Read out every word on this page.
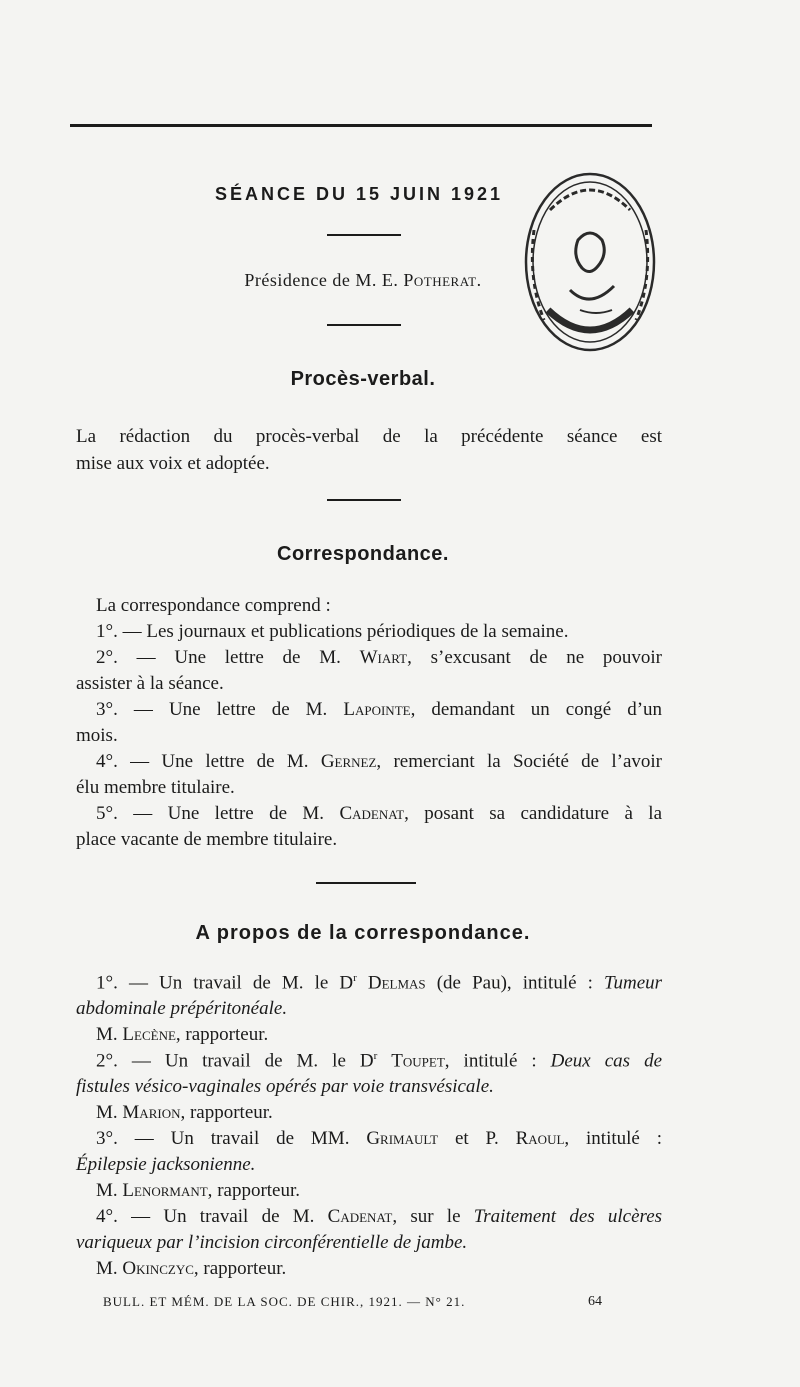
SÉANCE DU 15 JUIN 1921
Présidence de M. E. Potherat.
Procès-verbal.
La rédaction du procès-verbal de la précédente séance est
mise aux voix et adoptée.
Correspondance.
La correspondance comprend :
1°. — Les journaux et publications périodiques de la semaine.
2°. — Une lettre de M. Wiart, s’excusant de ne pouvoir
assister à la séance.
3°. — Une lettre de M. Lapointe, demandant un congé d’un
mois.
4°. — Une lettre de M. Gernez, remerciant la Société de l’avoir
élu membre titulaire.
5°. — Une lettre de M. Cadenat, posant sa candidature à la
place vacante de membre titulaire.
A propos de la correspondance.
1°. — Un travail de M. le $D^r$ Delmas (de Pau), intitulé : Tumeur
abdominale prépéritonéale.
M. Lecène, rapporteur.
2°. — Un travail de M. le $D^r$ Toupet, intitulé : Deux cas de
fistules vésico-vaginales opérés par voie transvésicale.
M. Marion, rapporteur.
3°. — Un travail de MM. Grimault et P. Raoul, intitulé :
Épilepsie jacksonienne.
M. Lenormant, rapporteur.
4°. — Un travail de M. Cadenat, sur le Traitement des ulcères
variqueux par l’incision circonférentielle de jambe.
M. Okinczyc, rapporteur.
BULL. ET MÉM. DE LA SOC. DE CHIR., 1921. — N° 21.	64
